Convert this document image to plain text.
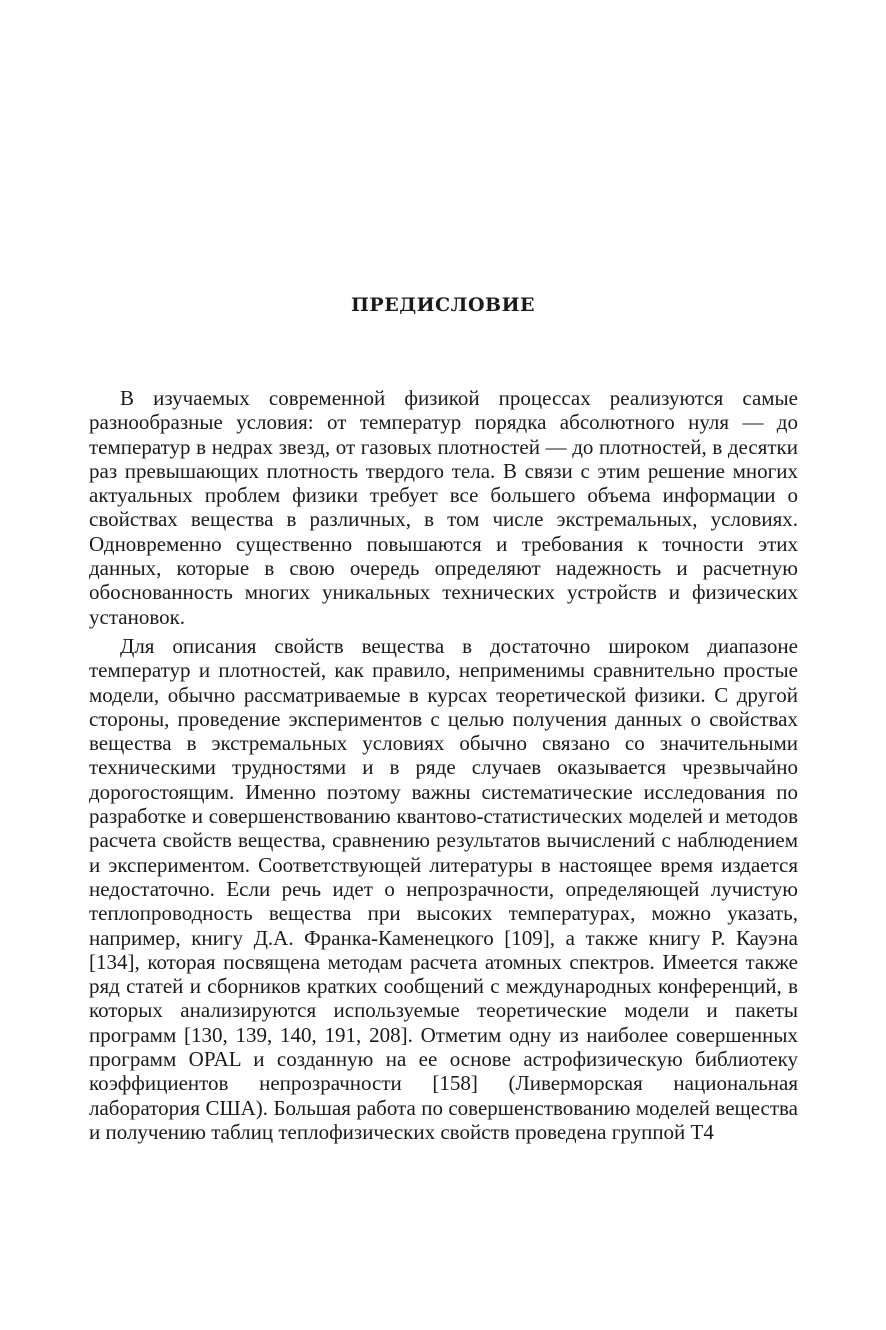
ПРЕДИСЛОВИЕ

В изучаемых современной физикой процессах реализуются самые разнообразные условия: от температур порядка абсолютного нуля — до температур в недрах звезд, от газовых плотностей — до плотностей, в десятки раз превышающих плотность твердого тела. В связи с этим решение многих актуальных проблем физики требует все большего объема информации о свойствах вещества в различных, в том числе экстремальных, условиях. Одновременно существенно повышаются и требования к точности этих данных, которые в свою очередь определяют надежность и расчетную обоснованность многих уникальных технических устройств и физических установок.

Для описания свойств вещества в достаточно широком диапазоне температур и плотностей, как правило, неприменимы сравнительно простые модели, обычно рассматриваемые в курсах теоретической физики. С другой стороны, проведение экспериментов с целью получения данных о свойствах вещества в экстремальных условиях обычно связано со значительными техническими трудностями и в ряде случаев оказывается чрезвычайно дорогостоящим. Именно поэтому важны систематические исследования по разработке и совершенствованию квантово-статистических моделей и методов расчета свойств вещества, сравнению результатов вычислений с наблюдением и экспериментом. Соответствующей литературы в настоящее время издается недостаточно. Если речь идет о непрозрачности, определяющей лучистую теплопроводность вещества при высоких температурах, можно указать, например, книгу Д.А. Франка-Каменецкого [109], а также книгу Р. Кауэна [134], которая посвящена методам расчета атомных спектров. Имеется также ряд статей и сборников кратких сообщений с международных конференций, в которых анализируются используемые теоретические модели и пакеты программ [130, 139, 140, 191, 208]. Отметим одну из наиболее совершенных программ OPAL и созданную на ее основе астрофизическую библиотеку коэффициентов непрозрачности [158] (Ливерморская национальная лаборатория США). Большая работа по совершенствованию моделей вещества и получению таблиц теплофизических свойств проведена группой Т4
